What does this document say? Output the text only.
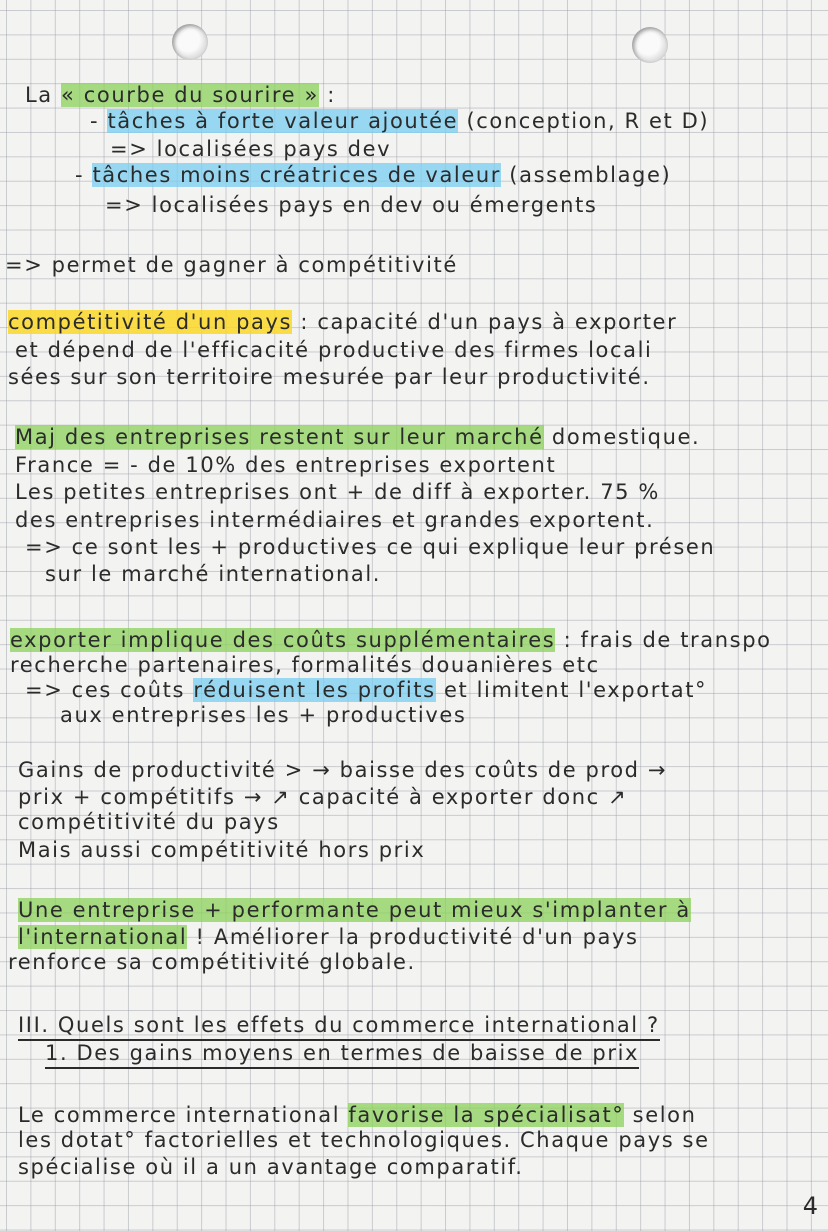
La « courbe du sourire » :
- tâches à forte valeur ajoutée (conception, R et D)
=> localisées pays dev
- tâches moins créatrices de valeur (assemblage)
=> localisées pays en dev ou émergents
=> permet de gagner à compétitivité
compétitivité d'un pays : capacité d'un pays à exporter
et dépend de l'efficacité productive des firmes locali
sées sur son territoire mesurée par leur productivité.
Maj des entreprises restent sur leur marché domestique.
France = - de 10% des entreprises exportent
Les petites entreprises ont + de diff à exporter. 75 %
des entreprises intermédiaires et grandes exportent.
=> ce sont les + productives ce qui explique leur présen
sur le marché international.
exporter implique des coûts supplémentaires : frais de transpo
recherche partenaires, formalités douanières etc
=> ces coûts réduisent les profits et limitent l'exportat°
aux entreprises les + productives
Gains de productivité > → baisse des coûts de prod →
prix + compétitifs → ↗ capacité à exporter donc ↗
compétitivité du pays
Mais aussi compétitivité hors prix
Une entreprise + performante peut mieux s'implanter à
l'international ! Améliorer la productivité d'un pays
renforce sa compétitivité globale.
III. Quels sont les effets du commerce international ?
1. Des gains moyens en termes de baisse de prix
Le commerce international favorise la spécialisat° selon
les dotat° factorielles et technologiques. Chaque pays se
spécialise où il a un avantage comparatif.
4
